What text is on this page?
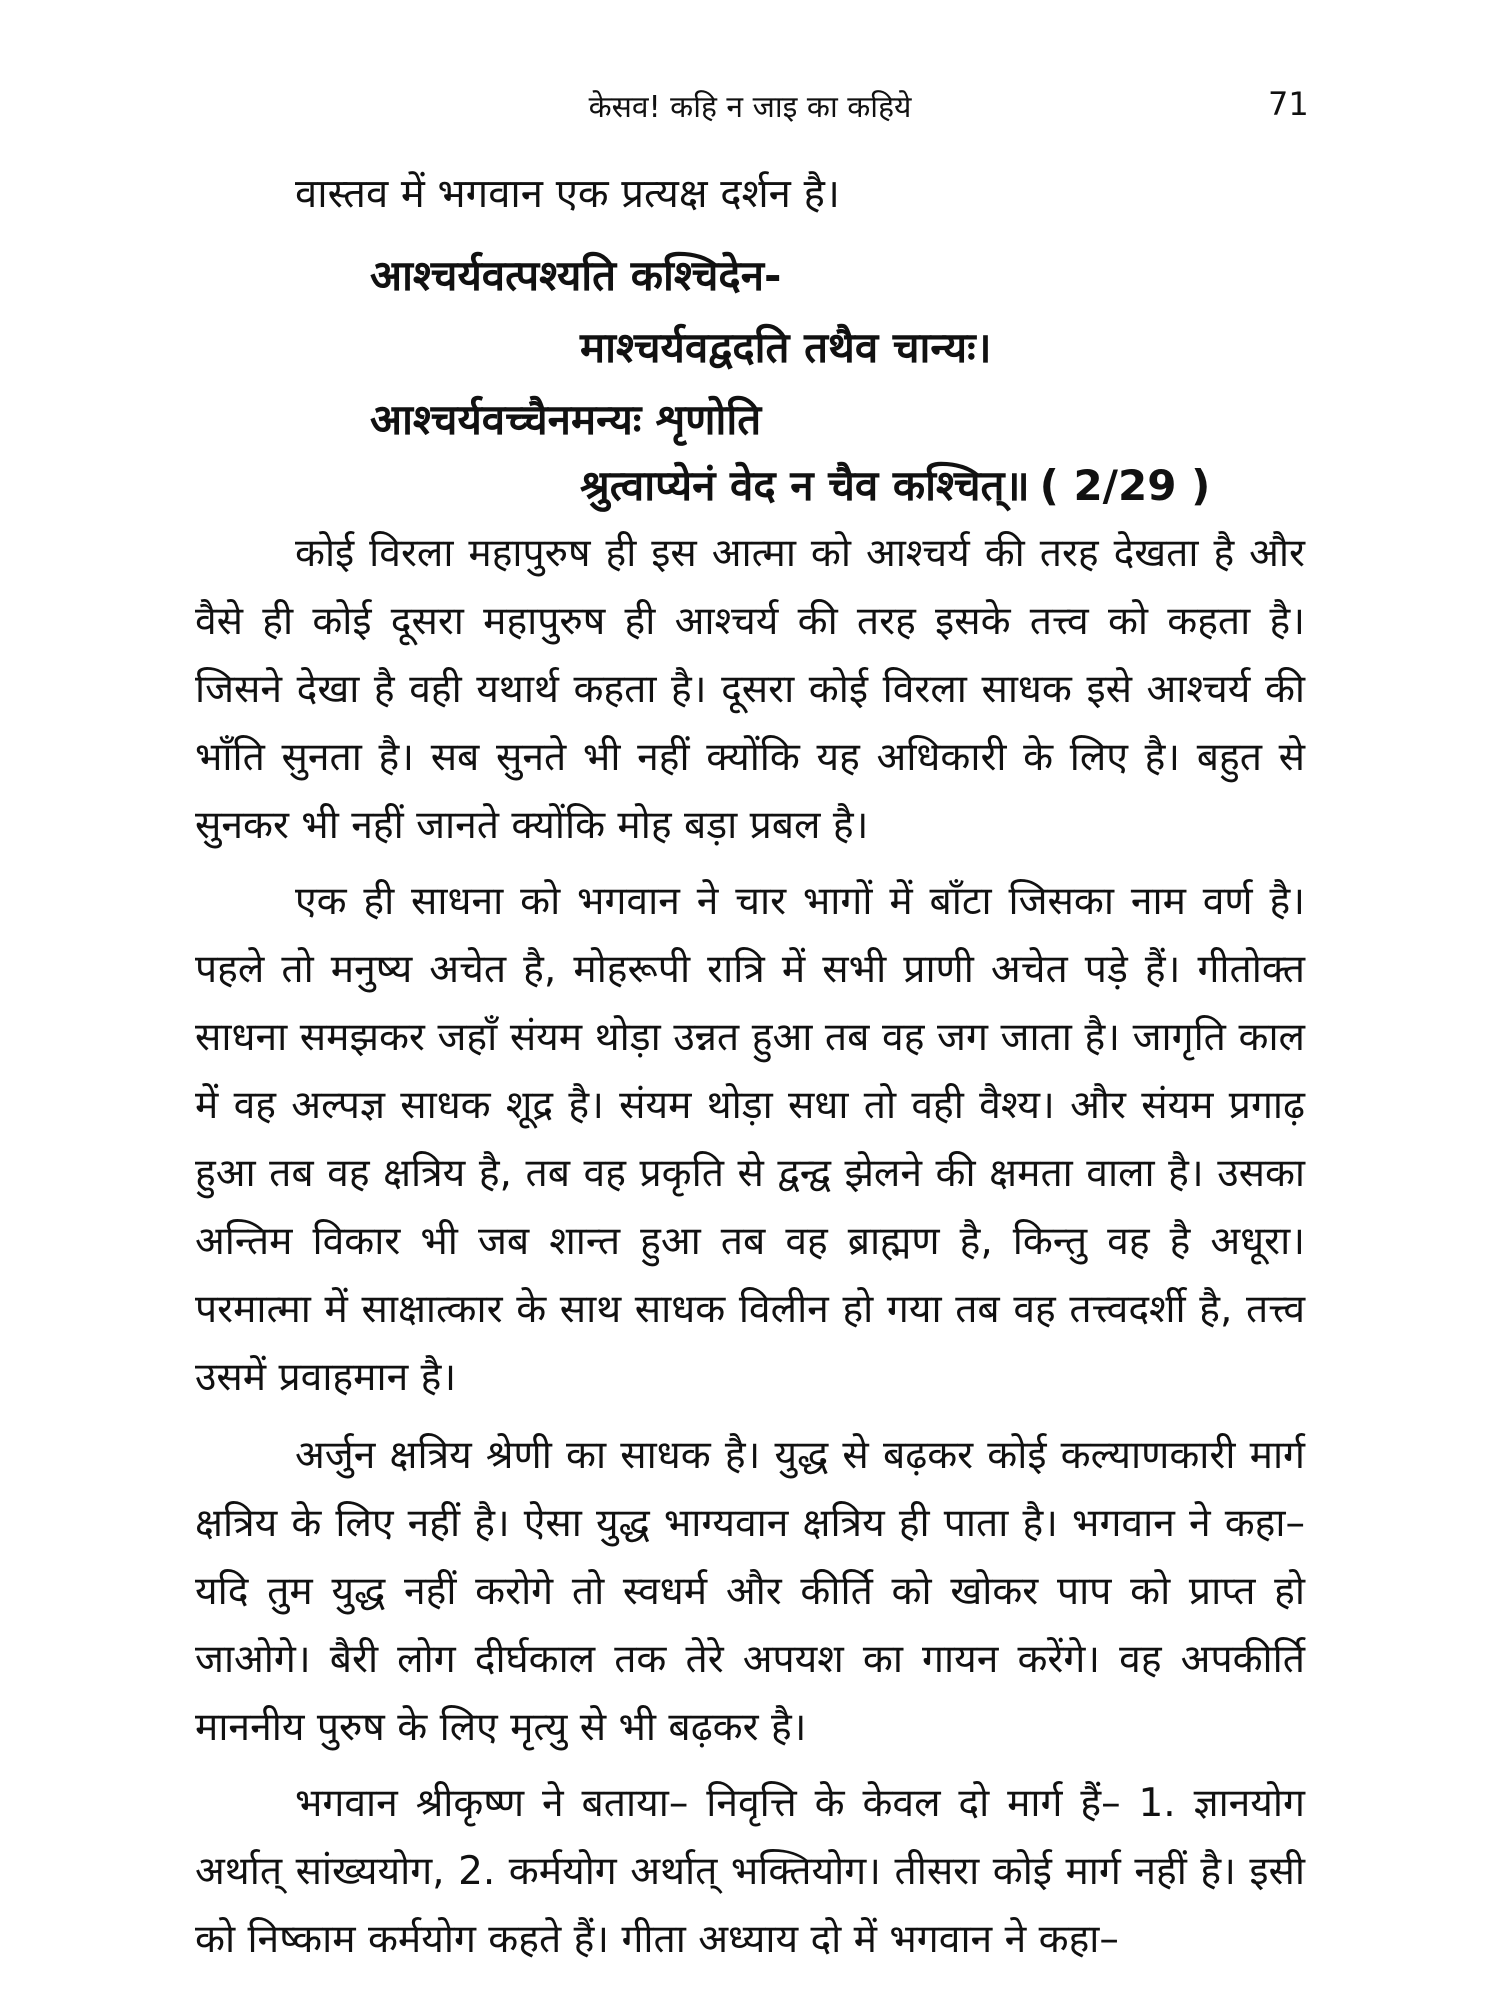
केसव! कहि न जाइ का कहिये	71
वास्तव में भगवान एक प्रत्यक्ष दर्शन है।
आश्चर्यवत्पश्यति कश्चिदेन-
माश्चर्यवद्वदति तथैव चान्यः।
आश्चर्यवच्चैनमन्यः शृणोति
श्रुत्वाप्येनं वेद न चैव कश्चित्॥ ( 2/29 )
कोई विरला महापुरुष ही इस आत्मा को आश्चर्य की तरह देखता है और वैसे ही कोई दूसरा महापुरुष ही आश्चर्य की तरह इसके तत्त्व को कहता है। जिसने देखा है वही यथार्थ कहता है। दूसरा कोई विरला साधक इसे आश्चर्य की भाँति सुनता है। सब सुनते भी नहीं क्योंकि यह अधिकारी के लिए है। बहुत से सुनकर भी नहीं जानते क्योंकि मोह बड़ा प्रबल है।
एक ही साधना को भगवान ने चार भागों में बाँटा जिसका नाम वर्ण है। पहले तो मनुष्य अचेत है, मोहरूपी रात्रि में सभी प्राणी अचेत पड़े हैं। गीतोक्त साधना समझकर जहाँ संयम थोड़ा उन्नत हुआ तब वह जग जाता है। जागृति काल में वह अल्पज्ञ साधक शूद्र है। संयम थोड़ा सधा तो वही वैश्य। और संयम प्रगाढ़ हुआ तब वह क्षत्रिय है, तब वह प्रकृति से द्वन्द्व झेलने की क्षमता वाला है। उसका अन्तिम विकार भी जब शान्त हुआ तब वह ब्राह्मण है, किन्तु वह है अधूरा। परमात्मा में साक्षात्कार के साथ साधक विलीन हो गया तब वह तत्त्वदर्शी है, तत्त्व उसमें प्रवाहमान है।
अर्जुन क्षत्रिय श्रेणी का साधक है। युद्ध से बढ़कर कोई कल्याणकारी मार्ग क्षत्रिय के लिए नहीं है। ऐसा युद्ध भाग्यवान क्षत्रिय ही पाता है। भगवान ने कहा– यदि तुम युद्ध नहीं करोगे तो स्वधर्म और कीर्ति को खोकर पाप को प्राप्त हो जाओगे। बैरी लोग दीर्घकाल तक तेरे अपयश का गायन करेंगे। वह अपकीर्ति माननीय पुरुष के लिए मृत्यु से भी बढ़कर है।
भगवान श्रीकृष्ण ने बताया– निवृत्ति के केवल दो मार्ग हैं– 1. ज्ञानयोग अर्थात् सांख्ययोग, 2. कर्मयोग अर्थात् भक्तियोग। तीसरा कोई मार्ग नहीं है। इसी को निष्काम कर्मयोग कहते हैं। गीता अध्याय दो में भगवान ने कहा–
